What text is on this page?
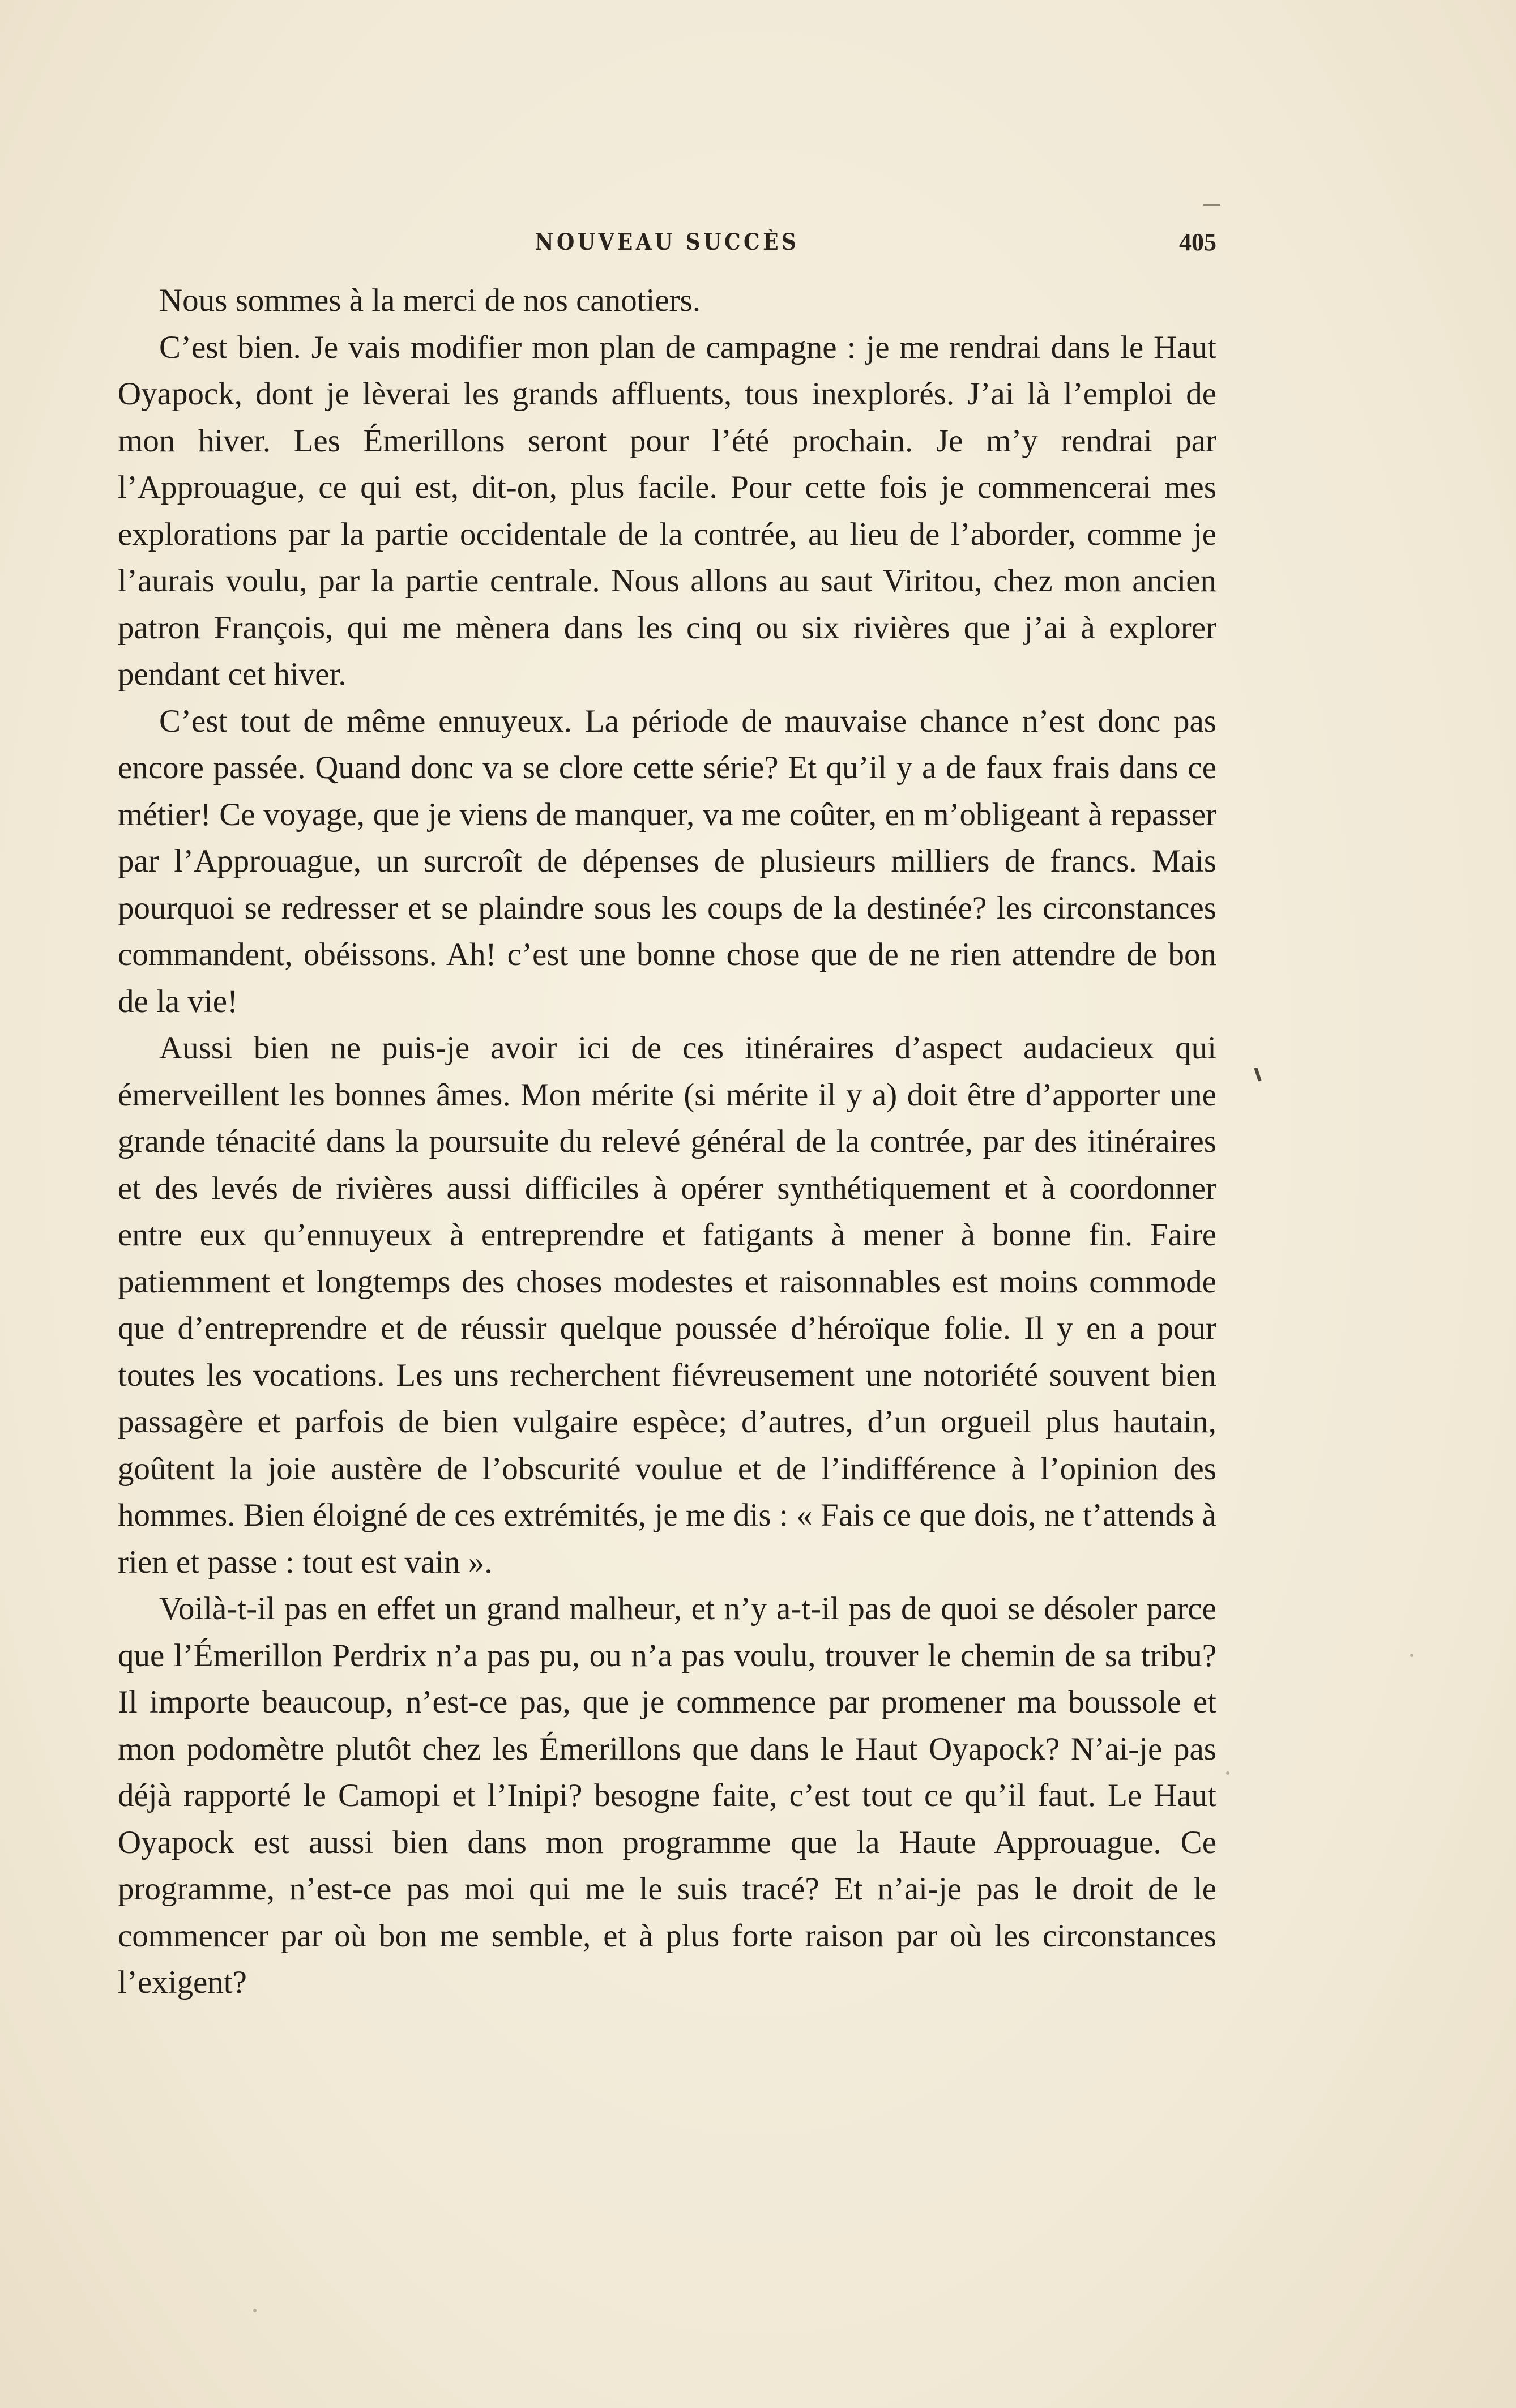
NOUVEAU SUCCÈS	405

Nous sommes à la merci de nos canotiers.

C’est bien. Je vais modifier mon plan de campagne : je me rendrai dans le Haut Oyapock, dont je lèverai les grands affluents, tous inexplorés. J’ai là l’emploi de mon hiver. Les Émerillons seront pour l’été prochain. Je m’y rendrai par l’Approuague, ce qui est, dit-on, plus facile. Pour cette fois je commencerai mes explorations par la partie occidentale de la contrée, au lieu de l’aborder, comme je l’aurais voulu, par la partie centrale. Nous allons au saut Viritou, chez mon ancien patron François, qui me mènera dans les cinq ou six rivières que j’ai à explorer pendant cet hiver.

C’est tout de même ennuyeux. La période de mauvaise chance n’est donc pas encore passée. Quand donc va se clore cette série? Et qu’il y a de faux frais dans ce métier! Ce voyage, que je viens de manquer, va me coûter, en m’obligeant à repasser par l’Approuague, un surcroît de dépenses de plusieurs milliers de francs. Mais pourquoi se redresser et se plaindre sous les coups de la destinée? les circonstances commandent, obéissons. Ah! c’est une bonne chose que de ne rien attendre de bon de la vie!

Aussi bien ne puis-je avoir ici de ces itinéraires d’aspect audacieux qui émerveillent les bonnes âmes. Mon mérite (si mérite il y a) doit être d’apporter une grande ténacité dans la poursuite du relevé général de la contrée, par des itinéraires et des levés de rivières aussi difficiles à opérer synthétiquement et à coordonner entre eux qu’ennuyeux à entreprendre et fatigants à mener à bonne fin. Faire patiemment et longtemps des choses modestes et raisonnables est moins commode que d’entreprendre et de réussir quelque poussée d’héroïque folie. Il y en a pour toutes les vocations. Les uns recherchent fiévreusement une notoriété souvent bien passagère et parfois de bien vulgaire espèce; d’autres, d’un orgueil plus hautain, goûtent la joie austère de l’obscurité voulue et de l’indifférence à l’opinion des hommes. Bien éloigné de ces extrémités, je me dis : « Fais ce que dois, ne t’attends à rien et passe : tout est vain ».

Voilà-t-il pas en effet un grand malheur, et n’y a-t-il pas de quoi se désoler parce que l’Émerillon Perdrix n’a pas pu, ou n’a pas voulu, trouver le chemin de sa tribu? Il importe beaucoup, n’est-ce pas, que je commence par promener ma boussole et mon podomètre plutôt chez les Émerillons que dans le Haut Oyapock? N’ai-je pas déjà rapporté le Camopi et l’Inipi? besogne faite, c’est tout ce qu’il faut. Le Haut Oyapock est aussi bien dans mon programme que la Haute Approuague. Ce programme, n’est-ce pas moi qui me le suis tracé? Et n’ai-je pas le droit de le commencer par où bon me semble, et à plus forte raison par où les circonstances l’exigent?
